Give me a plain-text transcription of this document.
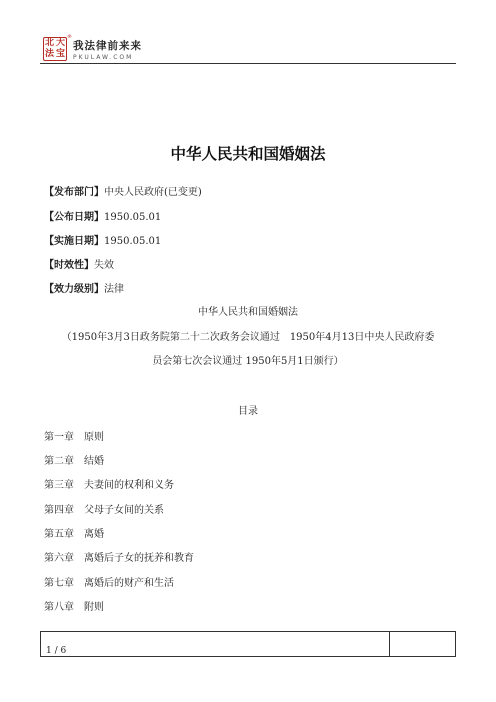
北 大
法 宝
®
我法律前来来
PKULAW.COM
中华人民共和国婚姻法
【发布部门】中央人民政府(已变更)
【公布日期】1950.05.01
【实施日期】1950.05.01
【时效性】失效
【效力级别】法律
中华人民共和国婚姻法
（1950年3月3日政务院第二十二次政务会议通过　1950年4月13日中央人民政府委
员会第七次会议通过 1950年5月1日颁行）
目录
第一章　原则
第二章　结婚
第三章　夫妻间的权利和义务
第四章　父母子女间的关系
第五章　离婚
第六章　离婚后子女的抚养和教育
第七章　离婚后的财产和生活
第八章　附则
1 / 6
